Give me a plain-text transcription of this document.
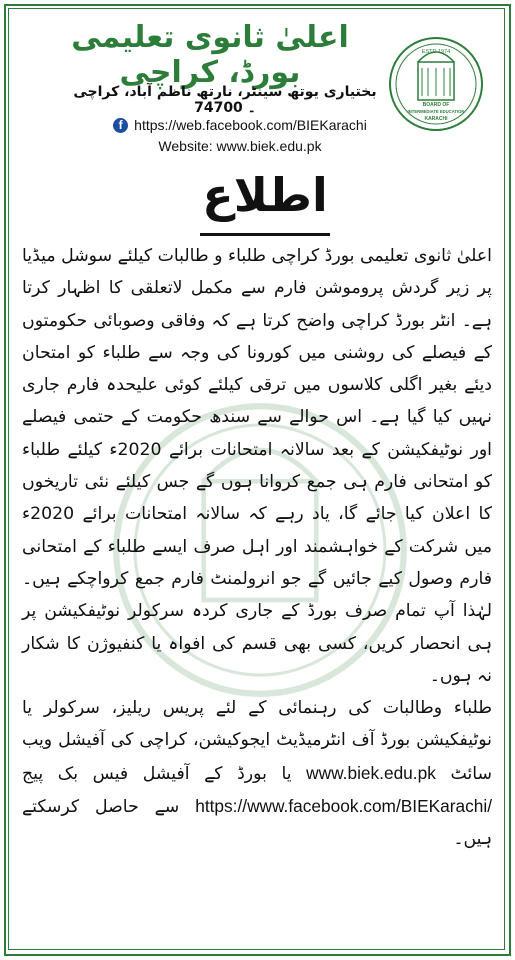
ESTD 1974
BOARD OF
INTERMEDIATE EDUCATION
KARACHI
اعلیٰ ثانوی تعلیمی بورڈ، کراچی
بختیاری یوتھ سینٹر، نارتھ ناظم آباد، کراچی ۔ 74700
f https://web.facebook.com/BIEKarachi
Website: www.biek.edu.pk
اطلاع

اعلیٰ ثانوی تعلیمی بورڈ کراچی طلباء و طالبات کیلئے سوشل میڈیا پر زیر گردش پروموشن فارم سے مکمل لاتعلقی کا اظہار کرتا ہے۔ انٹر بورڈ کراچی واضح کرتا ہے کہ وفاقی وصوبائی حکومتوں کے فیصلے کی روشنی میں کورونا کی وجہ سے طلباء کو امتحان دیئے بغیر اگلی کلاسوں میں ترقی کیلئے کوئی علیحدہ فارم جاری نہیں کیا گیا ہے۔ اس حوالے سے سندھ حکومت کے حتمی فیصلے اور نوٹیفکیشن کے بعد سالانہ امتحانات برائے 2020ء کیلئے طلباء کو امتحانی فارم ہی جمع کروانا ہوں گے جس کیلئے نئی تاریخوں کا اعلان کیا جائے گا، یاد رہے کہ سالانہ امتحانات برائے 2020ء میں شرکت کے خواہشمند اور اہل صرف ایسے طلباء کے امتحانی فارم وصول کیے جائیں گے جو انرولمنٹ فارم جمع کرواچکے ہیں۔ لہٰذا آپ تمام صرف بورڈ کے جاری کردہ سرکولر نوٹیفکیشن پر ہی انحصار کریں، کسی بھی قسم کی افواہ یا کنفیوژن کا شکار نہ ہوں۔

طلباء وطالبات کی رہنمائی کے لئے پریس ریلیز، سرکولر یا نوٹیفکیشن بورڈ آف انٹرمیڈیٹ ایجوکیشن، کراچی کی آفیشل ویب سائٹ www.biek.edu.pk یا بورڈ کے آفیشل فیس بک پیج https://www.facebook.com/BIEKarachi/ سے حاصل کرسکتے ہیں۔
